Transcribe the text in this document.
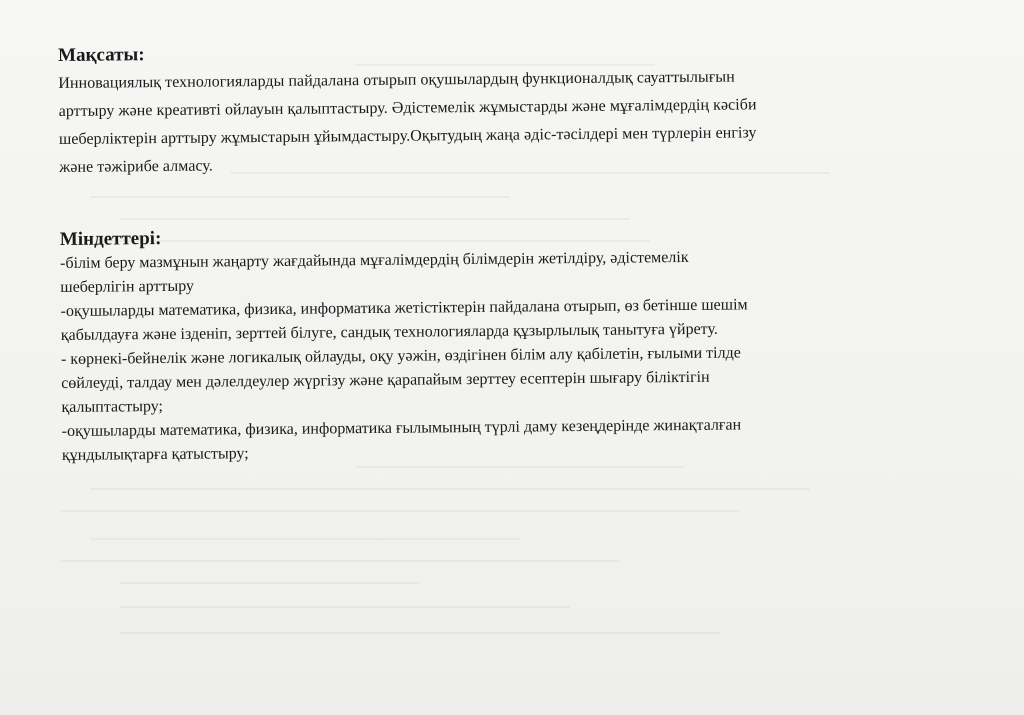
Мақсаты:

Инновациялық технологияларды пайдалана отырып оқушылардың функционалдық сауаттылығын
арттыру және креативті ойлауын қалыптастыру. Әдістемелік жұмыстарды және мұғалімдердің кәсіби
шеберліктерін арттыру жұмыстарын ұйымдастыру.Оқытудың жаңа әдіс-тәсілдері мен түрлерін енгізу
және тәжірибе алмасу.

Міндеттері:

-білім беру мазмұнын жаңарту жағдайында мұғалімдердің білімдерін жетілдіру, әдістемелік
шеберлігін арттыру

-оқушыларды математика, физика, информатика жетістіктерін пайдалана отырып, өз бетінше шешім
қабылдауға және ізденіп, зерттей білуге, сандық технологияларда құзырлылық танытуға үйрету.

- көрнекі-бейнелік және логикалық ойлауды, оқу уәжін, өздігінен білім алу қабілетін, ғылыми тілде
сөйлеуді, талдау мен дәлелдеулер жүргізу және қарапайым зерттеу есептерін шығару біліктігін
қалыптастыру;

-оқушыларды математика, физика, информатика ғылымының түрлі даму кезеңдерінде жинақталған
құндылықтарға қатыстыру;
